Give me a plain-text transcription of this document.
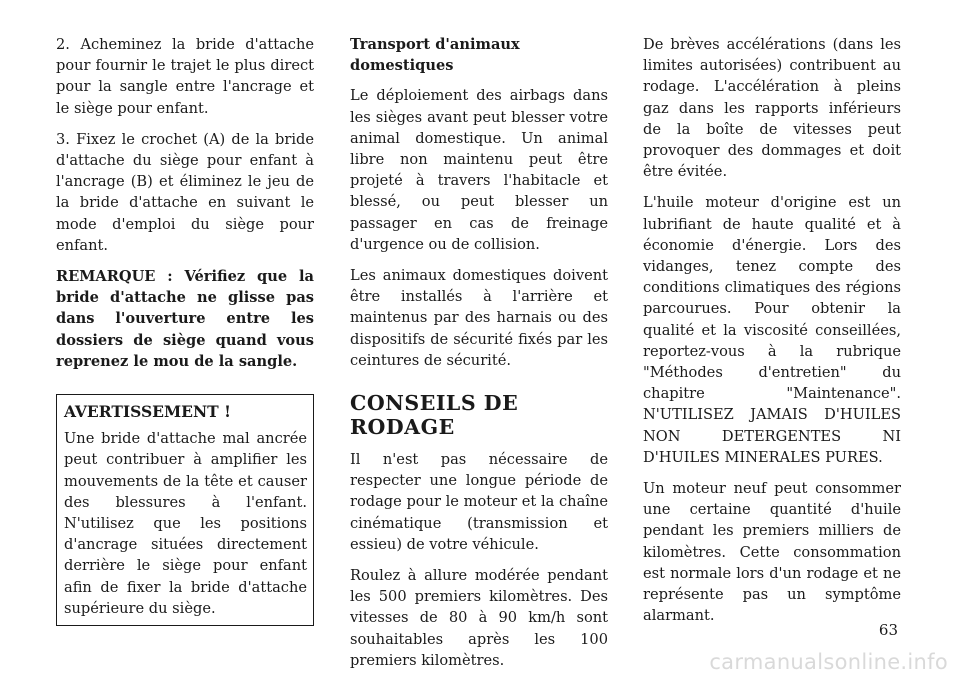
2. Acheminez la bride d'attache pour fournir le trajet le plus direct pour la sangle entre l'ancrage et le siège pour enfant.

3. Fixez le crochet (A) de la bride d'attache du siège pour enfant à l'ancrage (B) et éliminez le jeu de la bride d'attache en suivant le mode d'emploi du siège pour enfant.

REMARQUE : Vérifiez que la bride d'attache ne glisse pas dans l'ouverture entre les dossiers de siège quand vous reprenez le mou de la sangle.

AVERTISSEMENT !

Une bride d'attache mal ancrée peut contribuer à amplifier les mouvements de la tête et causer des blessures à l'enfant. N'utilisez que les positions d'ancrage situées directement derrière le siège pour enfant afin de fixer la bride d'attache supérieure du siège.

Transport d'animaux domestiques

Le déploiement des airbags dans les sièges avant peut blesser votre animal domestique. Un animal libre non maintenu peut être projeté à travers l'habitacle et blessé, ou peut blesser un passager en cas de freinage d'urgence ou de collision.

Les animaux domestiques doivent être installés à l'arrière et maintenus par des harnais ou des dispositifs de sécurité fixés par les ceintures de sécurité.

CONSEILS DE RODAGE

Il n'est pas nécessaire de respecter une longue période de rodage pour le moteur et la chaîne cinématique (transmission et essieu) de votre véhicule.

Roulez à allure modérée pendant les 500 premiers kilomètres. Des vitesses de 80 à 90 km/h sont souhaitables après les 100 premiers kilomètres.

De brèves accélérations (dans les limites autorisées) contribuent au rodage. L'accélération à pleins gaz dans les rapports inférieurs de la boîte de vitesses peut provoquer des dommages et doit être évitée.

L'huile moteur d'origine est un lubrifiant de haute qualité et à économie d'énergie. Lors des vidanges, tenez compte des conditions climatiques des régions parcourues. Pour obtenir la qualité et la viscosité conseillées, reportez-vous à la rubrique "Méthodes d'entretien" du chapitre "Maintenance". N'UTILISEZ JAMAIS D'HUILES NON DETERGENTES NI D'HUILES MINERALES PURES.

Un moteur neuf peut consommer une certaine quantité d'huile pendant les premiers milliers de kilomètres. Cette consommation est normale lors d'un rodage et ne représente pas un symptôme alarmant.

63
carmanualsonline.info
